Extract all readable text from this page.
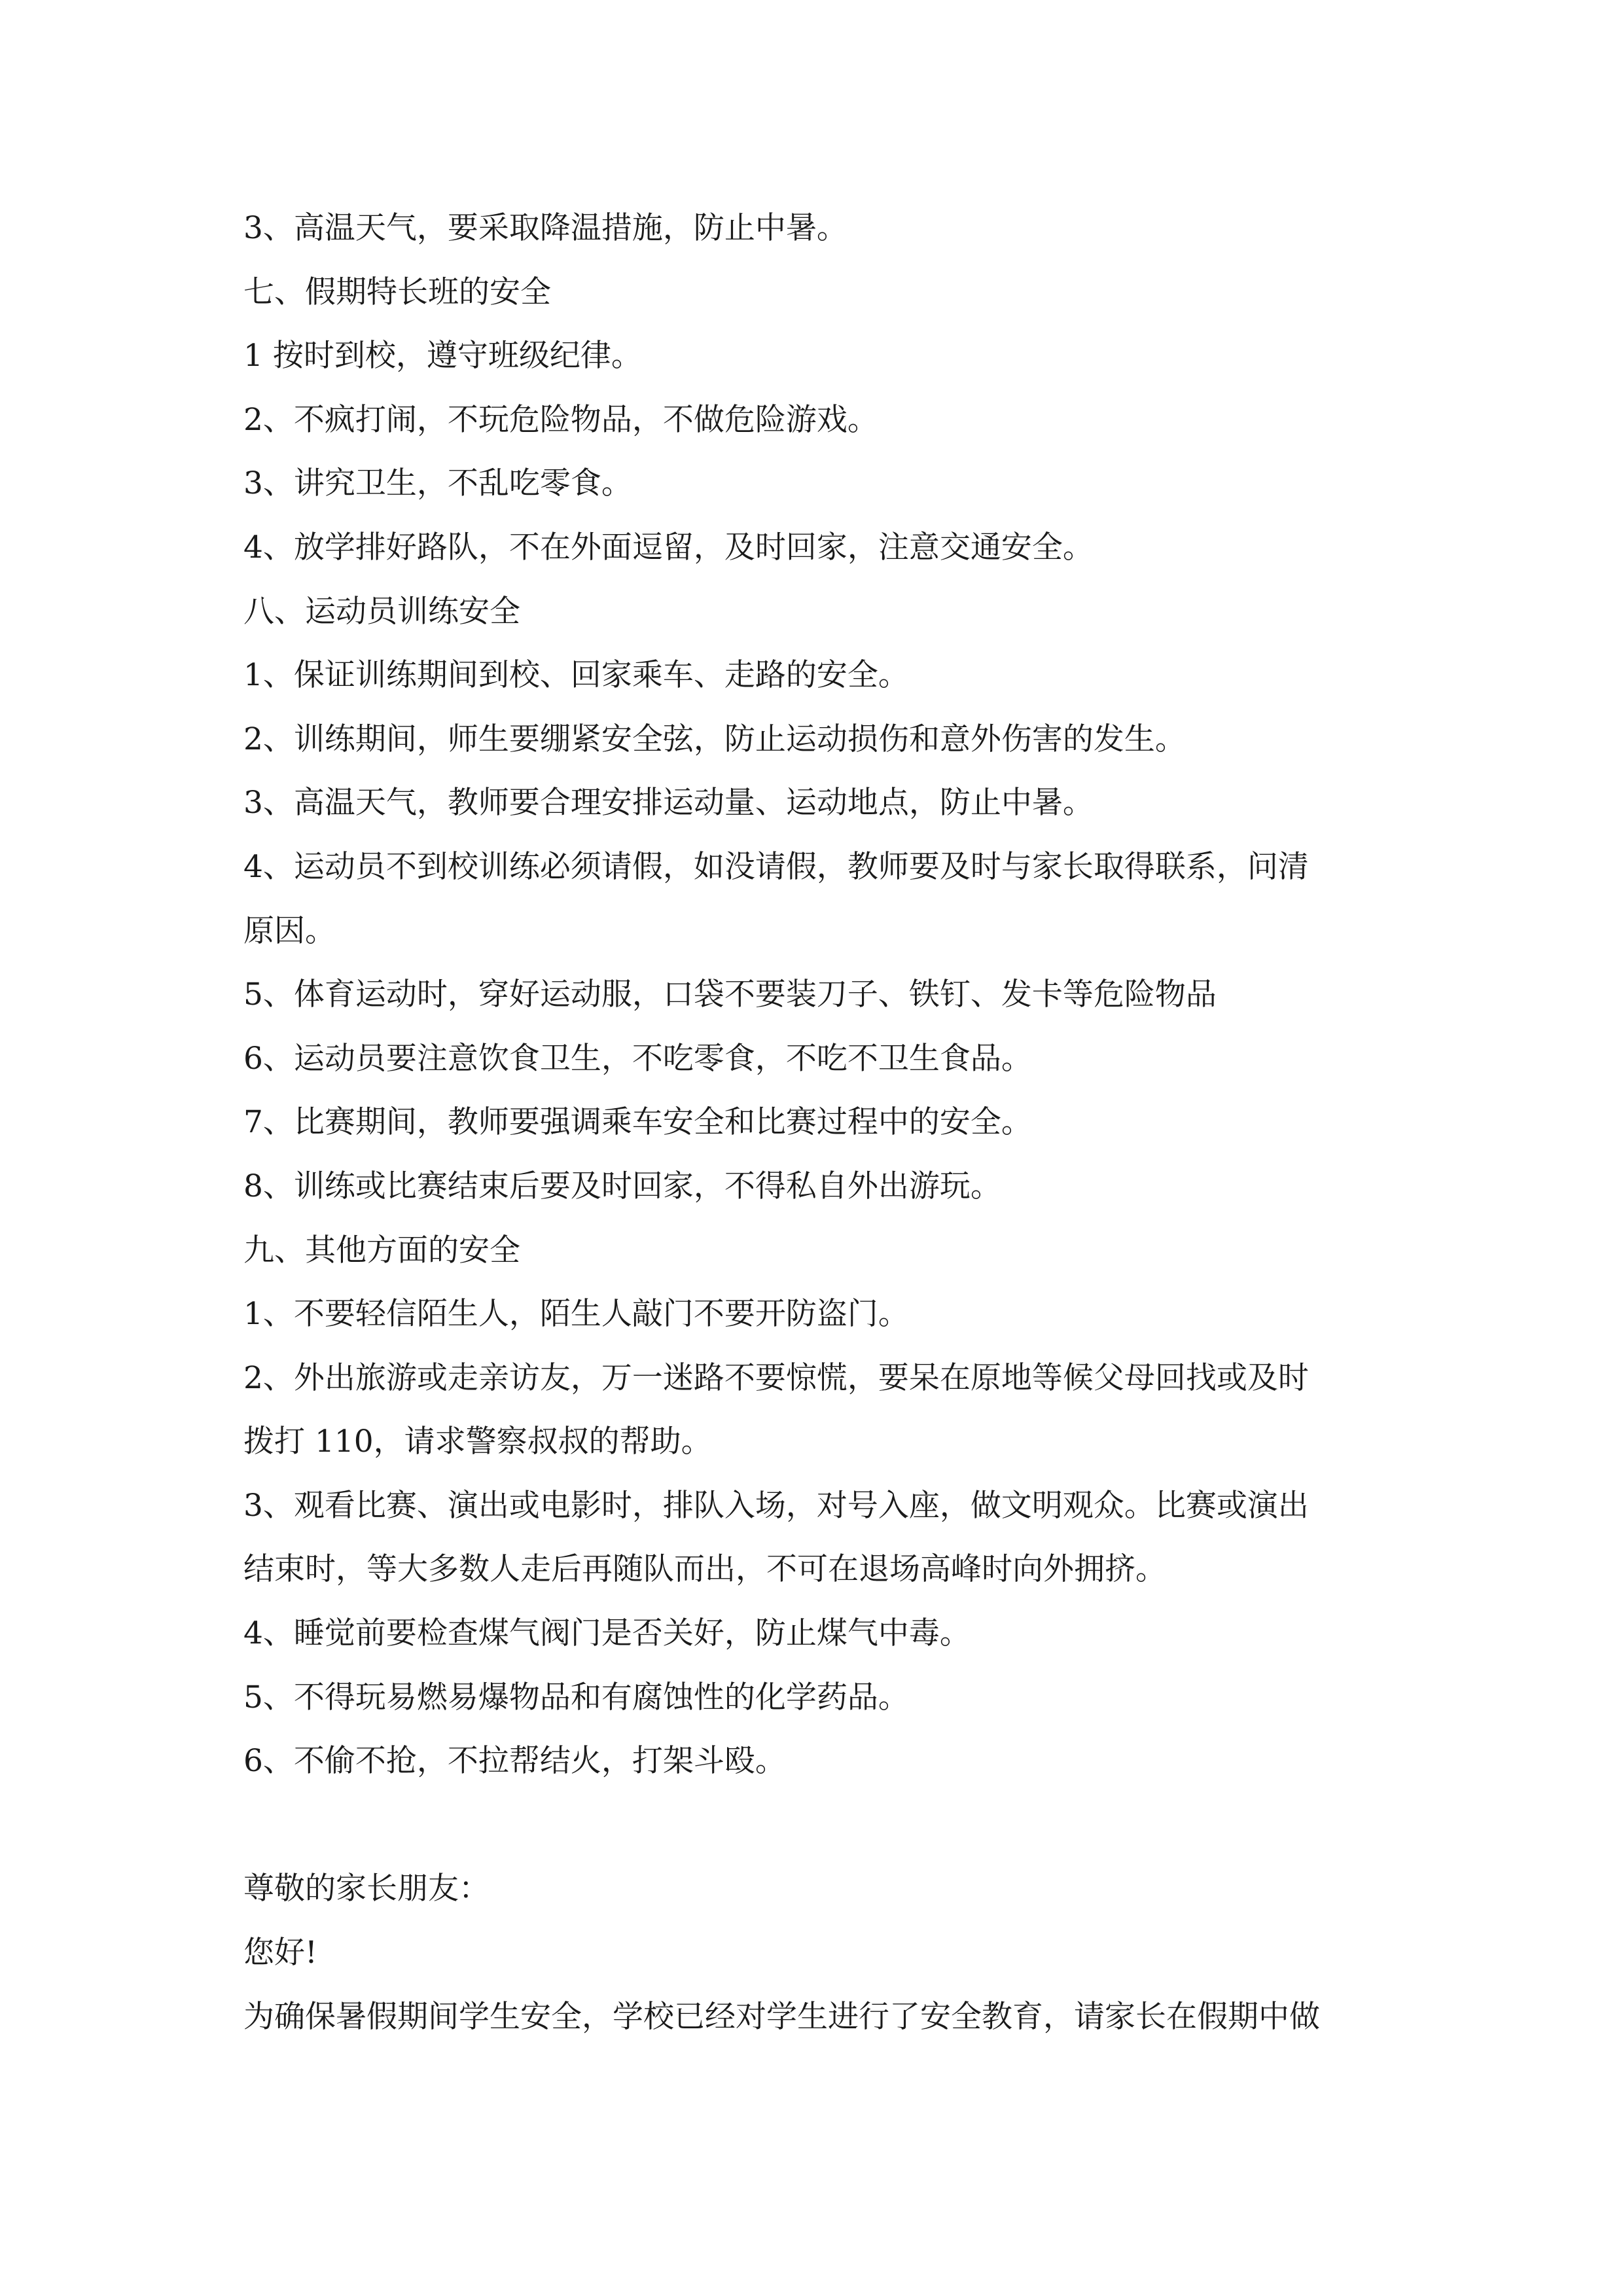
3、高温天气，要采取降温措施，防止中暑。
七、假期特长班的安全
1 按时到校，遵守班级纪律。
2、不疯打闹，不玩危险物品，不做危险游戏。
3、讲究卫生，不乱吃零食。
4、放学排好路队，不在外面逗留，及时回家，注意交通安全。
八、运动员训练安全
1、保证训练期间到校、回家乘车、走路的安全。
2、训练期间，师生要绷紧安全弦，防止运动损伤和意外伤害的发生。
3、高温天气，教师要合理安排运动量、运动地点，防止中暑。
4、运动员不到校训练必须请假，如没请假，教师要及时与家长取得联系，问清
原因。
5、体育运动时，穿好运动服，口袋不要装刀子、铁钉、发卡等危险物品
6、运动员要注意饮食卫生，不吃零食，不吃不卫生食品。
7、比赛期间，教师要强调乘车安全和比赛过程中的安全。
8、训练或比赛结束后要及时回家，不得私自外出游玩。
九、其他方面的安全
1、不要轻信陌生人，陌生人敲门不要开防盗门。
2、外出旅游或走亲访友，万一迷路不要惊慌，要呆在原地等候父母回找或及时
拨打 110，请求警察叔叔的帮助。
3、观看比赛、演出或电影时，排队入场，对号入座，做文明观众。比赛或演出
结束时，等大多数人走后再随队而出，不可在退场高峰时向外拥挤。
4、睡觉前要检查煤气阀门是否关好，防止煤气中毒。
5、不得玩易燃易爆物品和有腐蚀性的化学药品。
6、不偷不抢，不拉帮结火，打架斗殴。
尊敬的家长朋友：
您好!
为确保暑假期间学生安全，学校已经对学生进行了安全教育，请家长在假期中做
